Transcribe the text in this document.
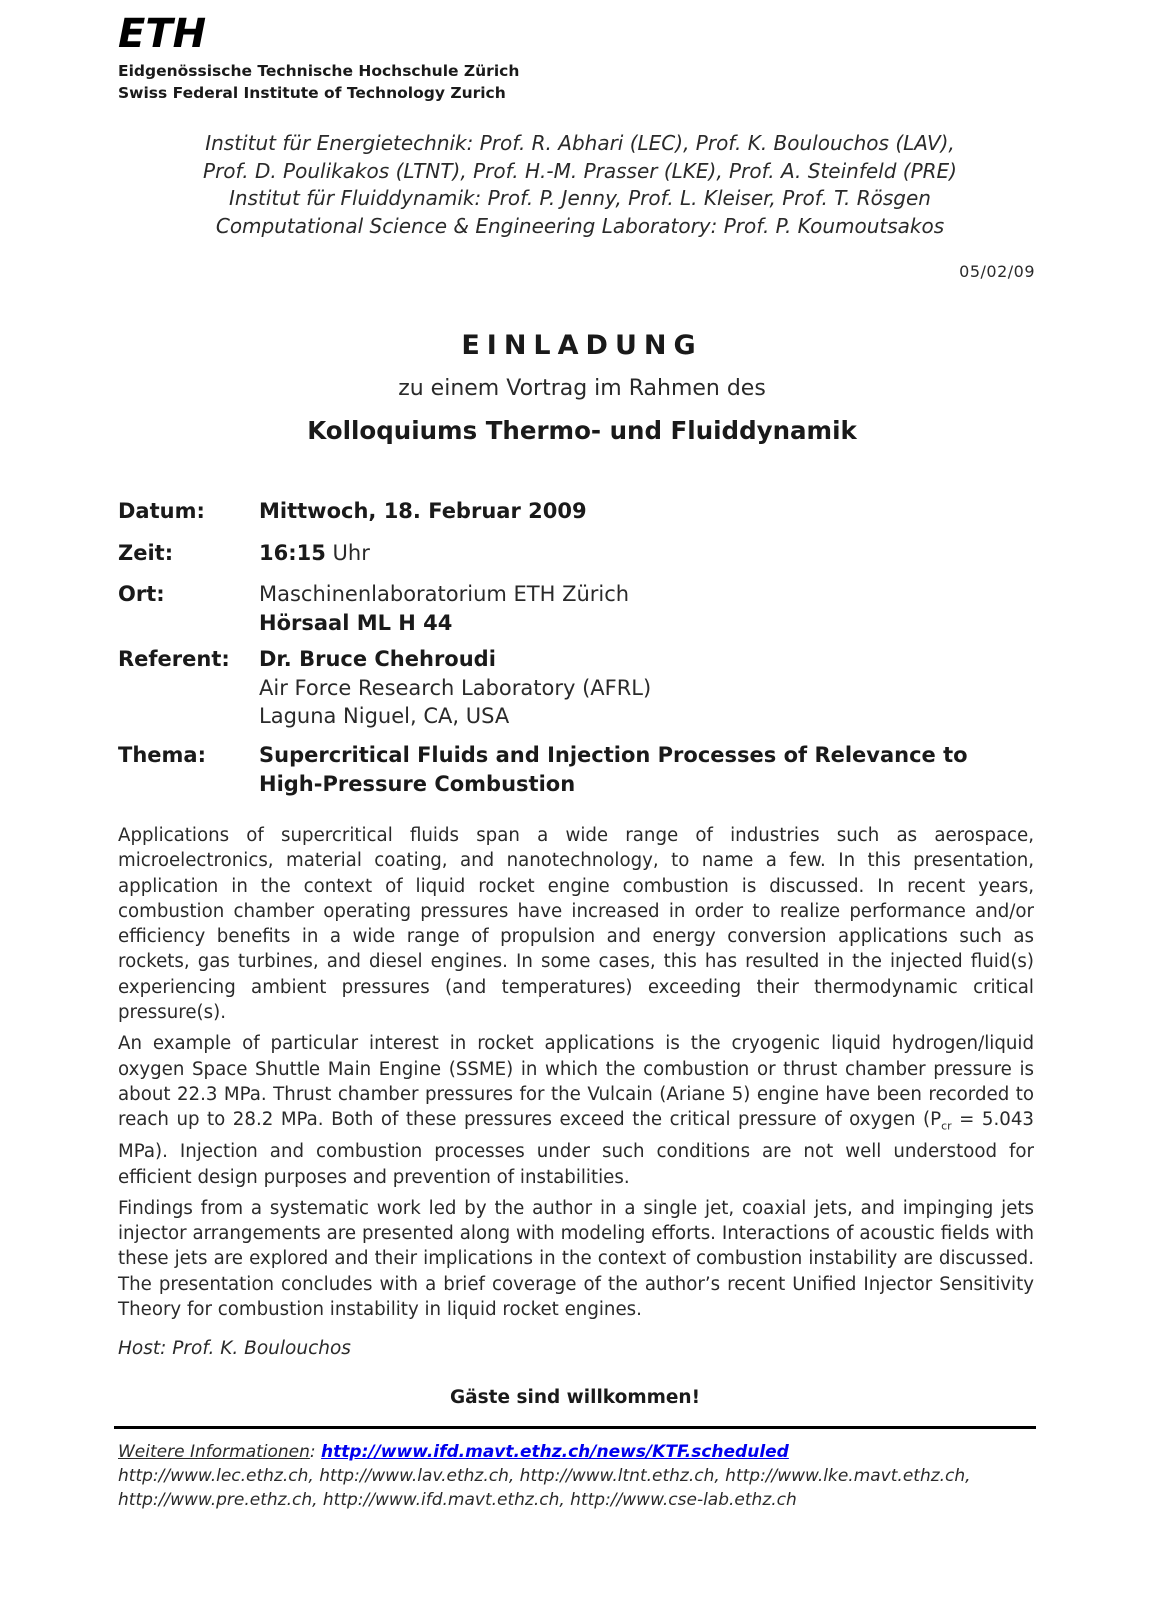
ETH
Eidgenössische Technische Hochschule Zürich
Swiss Federal Institute of Technology Zurich
Institut für Energietechnik: Prof. R. Abhari (LEC), Prof. K. Boulouchos (LAV),
Prof. D. Poulikakos (LTNT), Prof. H.-M. Prasser (LKE), Prof. A. Steinfeld (PRE)
Institut für Fluiddynamik: Prof. P. Jenny, Prof. L. Kleiser, Prof. T. Rösgen
Computational Science & Engineering Laboratory: Prof. P. Koumoutsakos
05/02/09
EINLADUNG
zu einem Vortrag im Rahmen des
Kolloquiums Thermo- und Fluiddynamik
Datum:	Mittwoch, 18. Februar 2009
Zeit:	16:15 Uhr
Ort:	Maschinenlaboratorium ETH Zürich
Hörsaal ML H 44
Referent: Dr. Bruce Chehroudi
Air Force Research Laboratory (AFRL)
Laguna Niguel, CA, USA
Thema:	Supercritical Fluids and Injection Processes of Relevance to High-Pressure Combustion

Applications of supercritical fluids span a wide range of industries such as aerospace, microelectronics, material coating, and nanotechnology, to name a few. In this presentation, application in the context of liquid rocket engine combustion is discussed. In recent years, combustion chamber operating pressures have increased in order to realize performance and/or efficiency benefits in a wide range of propulsion and energy conversion applications such as rockets, gas turbines, and diesel engines. In some cases, this has resulted in the injected fluid(s) experiencing ambient pressures (and temperatures) exceeding their thermodynamic critical pressure(s).

An example of particular interest in rocket applications is the cryogenic liquid hydrogen/liquid oxygen Space Shuttle Main Engine (SSME) in which the combustion or thrust chamber pressure is about 22.3 MPa. Thrust chamber pressures for the Vulcain (Ariane 5) engine have been recorded to reach up to 28.2 MPa. Both of these pressures exceed the critical pressure of oxygen ($P_{cr} = 5.043$ MPa). Injection and combustion processes under such conditions are not well understood for efficient design purposes and prevention of instabilities.

Findings from a systematic work led by the author in a single jet, coaxial jets, and impinging jets injector arrangements are presented along with modeling efforts. Interactions of acoustic fields with these jets are explored and their implications in the context of combustion instability are discussed. The presentation concludes with a brief coverage of the author’s recent Unified Injector Sensitivity Theory for combustion instability in liquid rocket engines.

Host: Prof. K. Boulouchos
Gäste sind willkommen!
Weitere Informationen: http://www.ifd.mavt.ethz.ch/news/KTF.scheduled
http://www.lec.ethz.ch, http://www.lav.ethz.ch, http://www.ltnt.ethz.ch, http://www.lke.mavt.ethz.ch,
http://www.pre.ethz.ch, http://www.ifd.mavt.ethz.ch, http://www.cse-lab.ethz.ch
